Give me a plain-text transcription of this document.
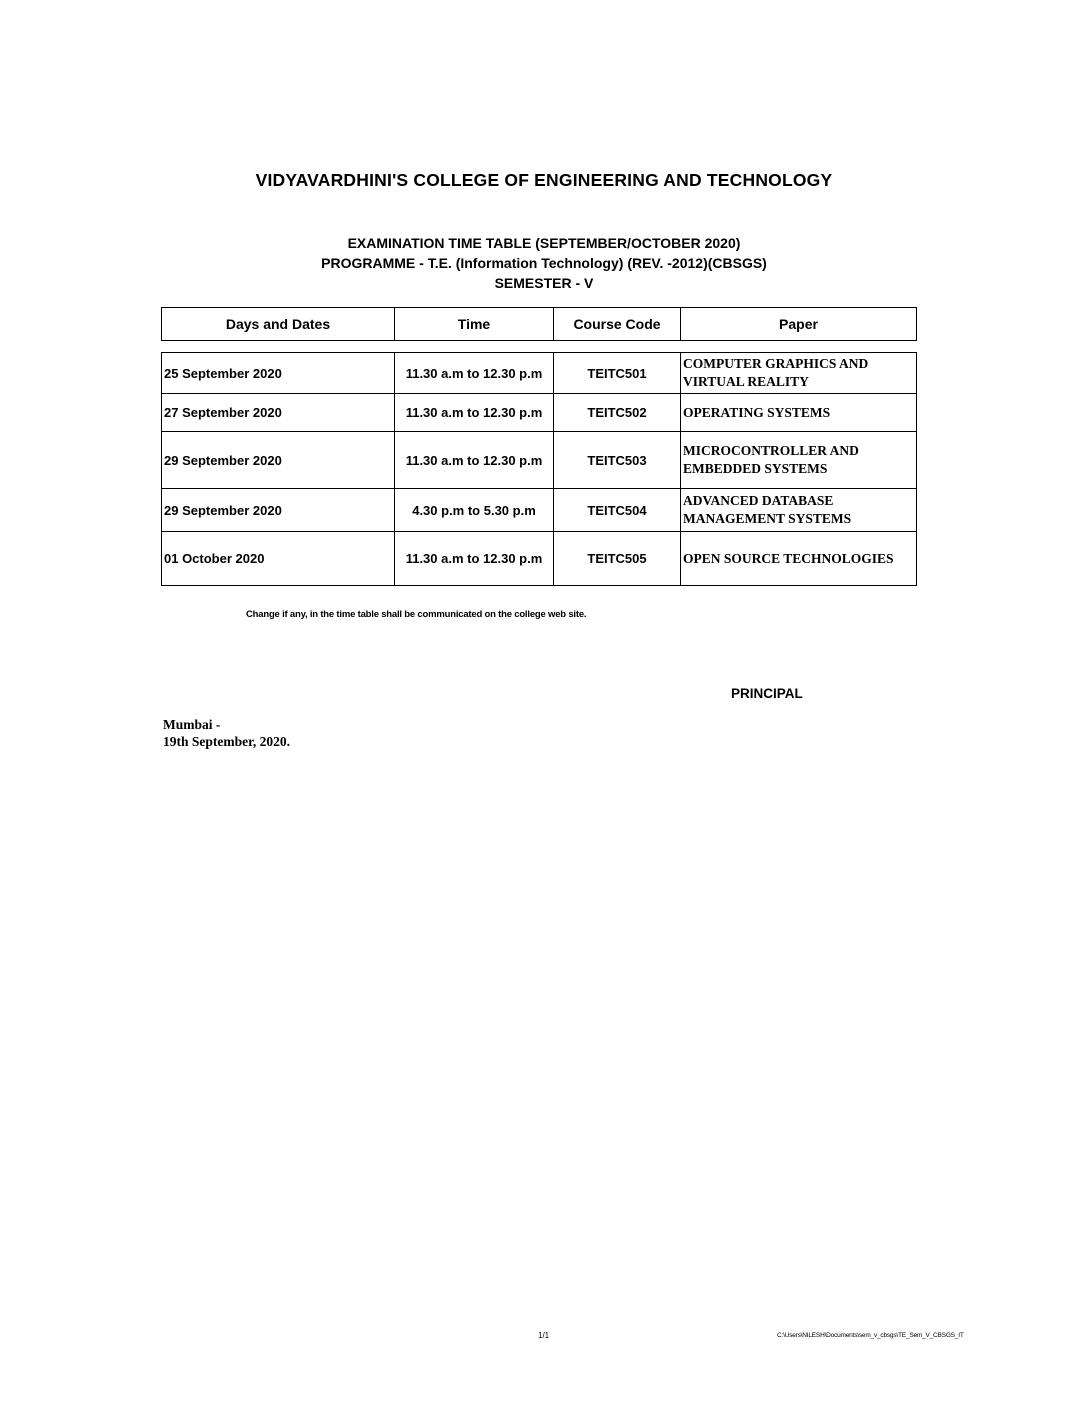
VIDYAVARDHINI'S COLLEGE OF ENGINEERING AND TECHNOLOGY
EXAMINATION TIME TABLE (SEPTEMBER/OCTOBER 2020)
PROGRAMME - T.E. (Information Technology) (REV. -2012)(CBSGS)
SEMESTER - V
Days and Dates	Time	Course Code	Paper
25 September 2020	11.30 a.m to 12.30 p.m	TEITC501	COMPUTER GRAPHICS AND
VIRTUAL REALITY

27 September 2020	11.30 a.m to 12.30 p.m	TEITC502	OPERATING SYSTEMS

29 September 2020	11.30 a.m to 12.30 p.m	TEITC503	MICROCONTROLLER AND
EMBEDDED SYSTEMS

29 September 2020	4.30 p.m to 5.30 p.m	TEITC504	ADVANCED DATABASE
MANAGEMENT SYSTEMS

01 October 2020	11.30 a.m to 12.30 p.m	TEITC505	OPEN SOURCE TECHNOLOGIES
Change if any, in the time table shall be communicated on the college web site.
PRINCIPAL
Mumbai -
19th September, 2020.
1/1	C:\Users\NILESH\Documents\sem_v_cbsgs\TE_Sem_V_CBSGS_IT
